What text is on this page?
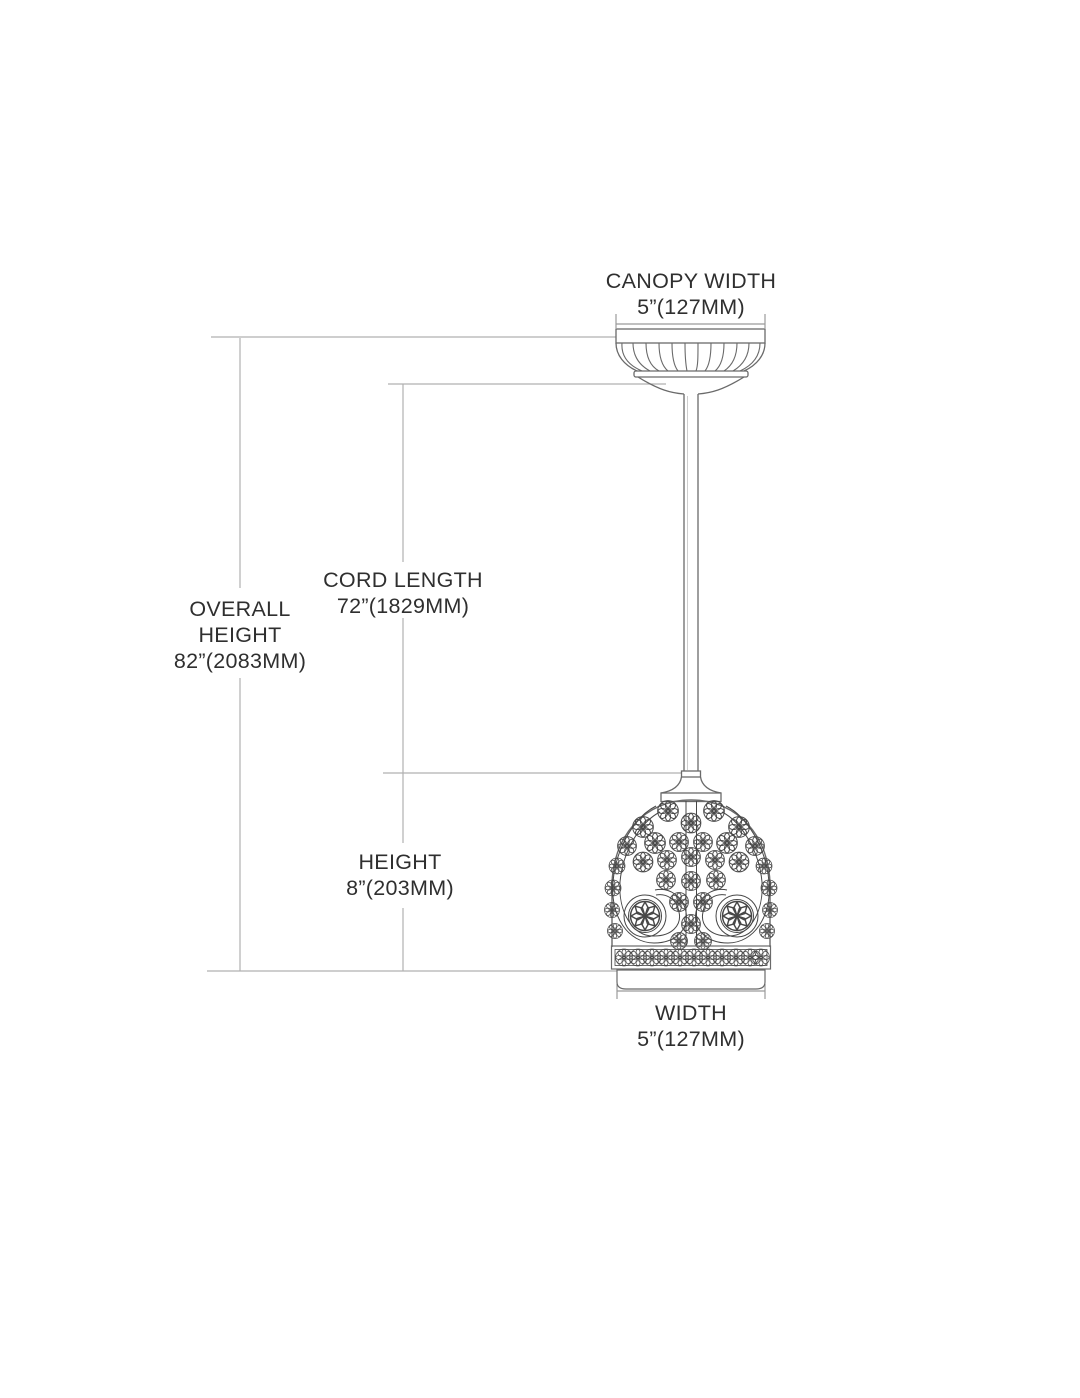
CANOPY WIDTH
5”(127MM)
CORD LENGTH
72”(1829MM)
OVERALL
HEIGHT
82”(2083MM)
HEIGHT
8”(203MM)
WIDTH
5”(127MM)
